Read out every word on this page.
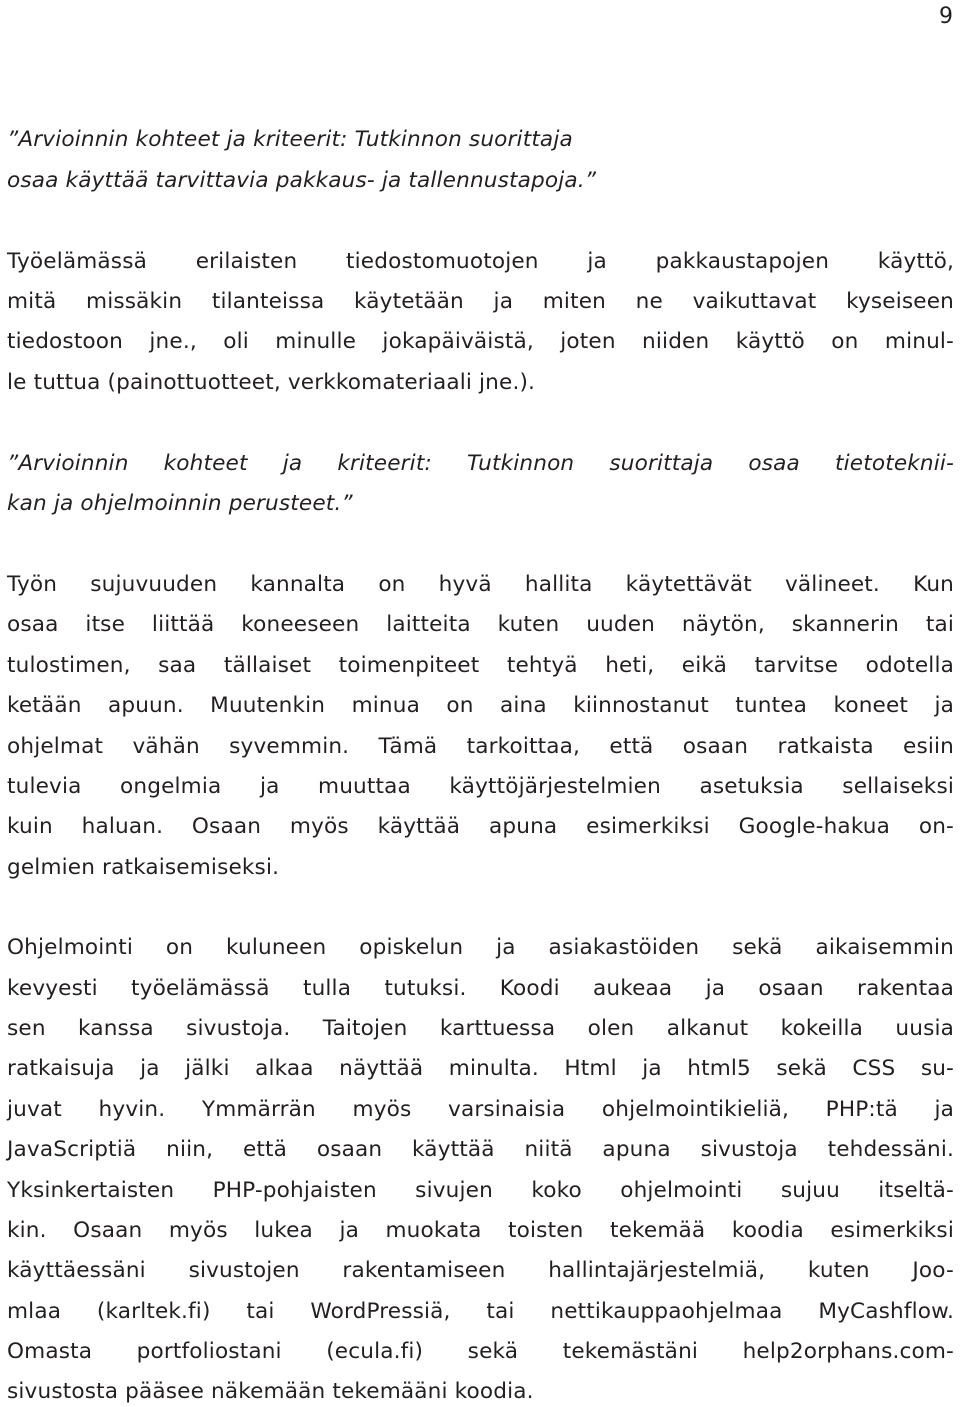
9
”Arvioinnin kohteet ja kriteerit: Tutkinnon suorittaja
osaa käyttää tarvittavia pakkaus- ja tallennustapoja.”
Työelämässä erilaisten tiedostomuotojen ja pakkaustapojen käyttö,
mitä missäkin tilanteissa käytetään ja miten ne vaikuttavat kyseiseen
tiedostoon jne., oli minulle jokapäiväistä, joten niiden käyttö on minul-
le tuttua (painottuotteet, verkkomateriaali jne.).
”Arvioinnin kohteet ja kriteerit: Tutkinnon suorittaja osaa tietoteknii-
kan ja ohjelmoinnin perusteet.”
Työn sujuvuuden kannalta on hyvä hallita käytettävät välineet. Kun
osaa itse liittää koneeseen laitteita kuten uuden näytön, skannerin tai
tulostimen, saa tällaiset toimenpiteet tehtyä heti, eikä tarvitse odotella
ketään apuun. Muutenkin minua on aina kiinnostanut tuntea koneet ja
ohjelmat vähän syvemmin. Tämä tarkoittaa, että osaan ratkaista esiin
tulevia ongelmia ja muuttaa käyttöjärjestelmien asetuksia sellaiseksi
kuin haluan. Osaan myös käyttää apuna esimerkiksi Google-hakua on-
gelmien ratkaisemiseksi.
Ohjelmointi on kuluneen opiskelun ja asiakastöiden sekä aikaisemmin
kevyesti työelämässä tulla tutuksi. Koodi aukeaa ja osaan rakentaa
sen kanssa sivustoja. Taitojen karttuessa olen alkanut kokeilla uusia
ratkaisuja ja jälki alkaa näyttää minulta. Html ja html5 sekä CSS su-
juvat hyvin. Ymmärrän myös varsinaisia ohjelmointikieliä, PHP:tä ja
JavaScriptiä niin, että osaan käyttää niitä apuna sivustoja tehdessäni.
Yksinkertaisten PHP-pohjaisten sivujen koko ohjelmointi sujuu itseltä-
kin. Osaan myös lukea ja muokata toisten tekemää koodia esimerkiksi
käyttäessäni sivustojen rakentamiseen hallintajärjestelmiä, kuten Joo-
mlaa (karltek.fi) tai WordPressiä, tai nettikauppaohjelmaa MyCashflow.
Omasta portfoliostani (ecula.fi) sekä tekemästäni help2orphans.com-
sivustosta pääsee näkemään tekemääni koodia.
